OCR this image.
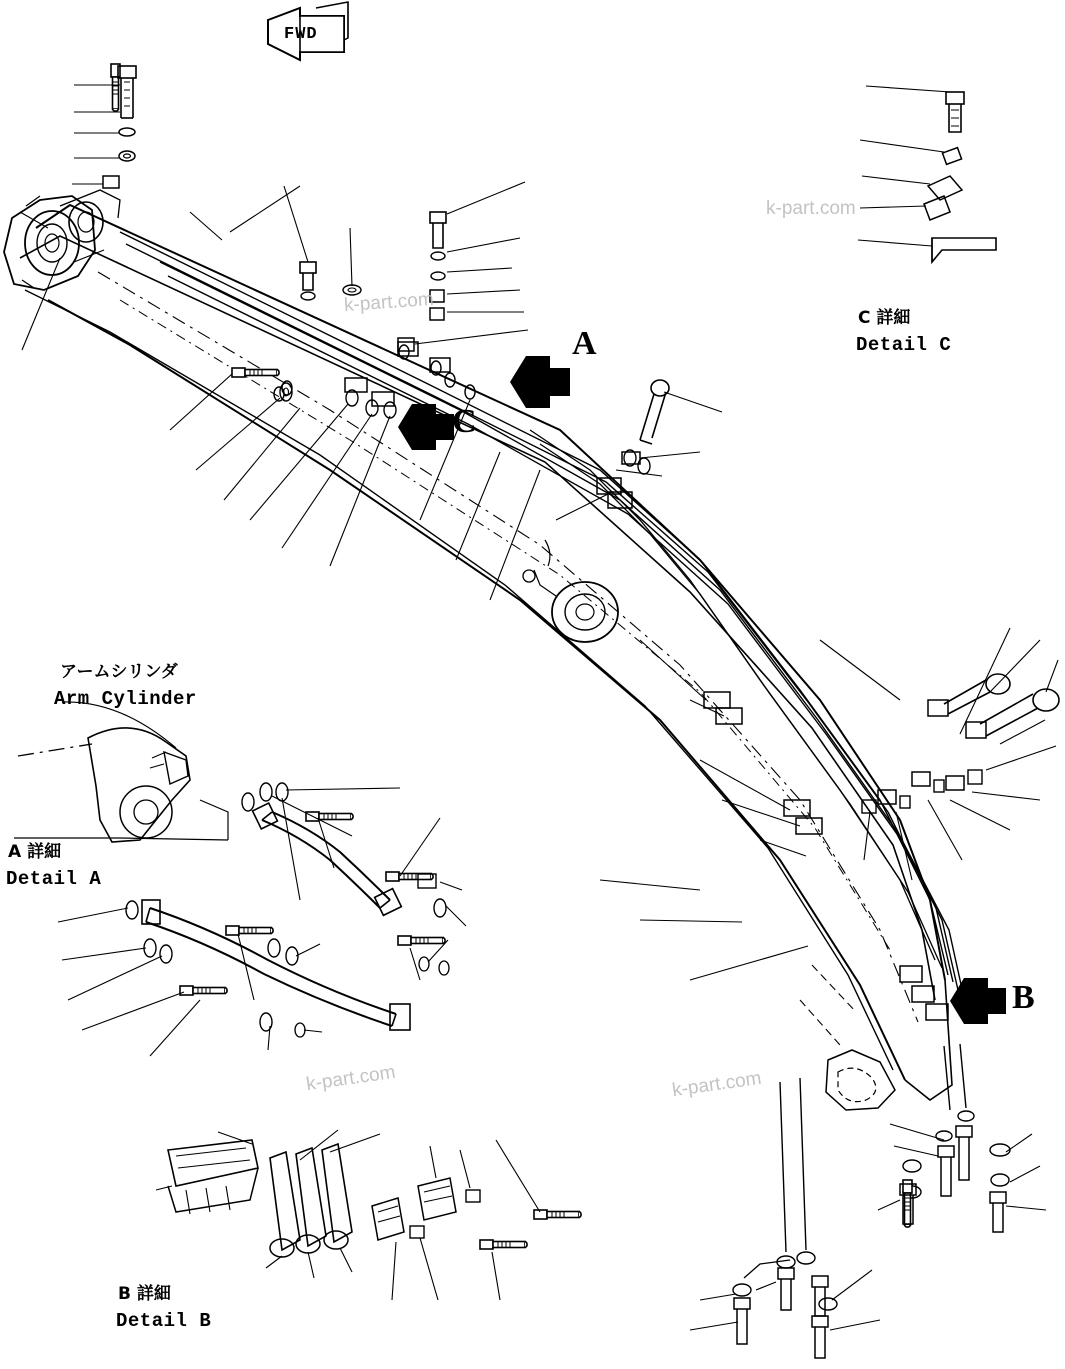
FWD
A
C
B
C 詳細
Detail C
A 詳細
Detail A
B 詳細
Detail B
アームシリンダ
Arm Cylinder
k-part.com
k-part.com
k-part.com	k-part.com
